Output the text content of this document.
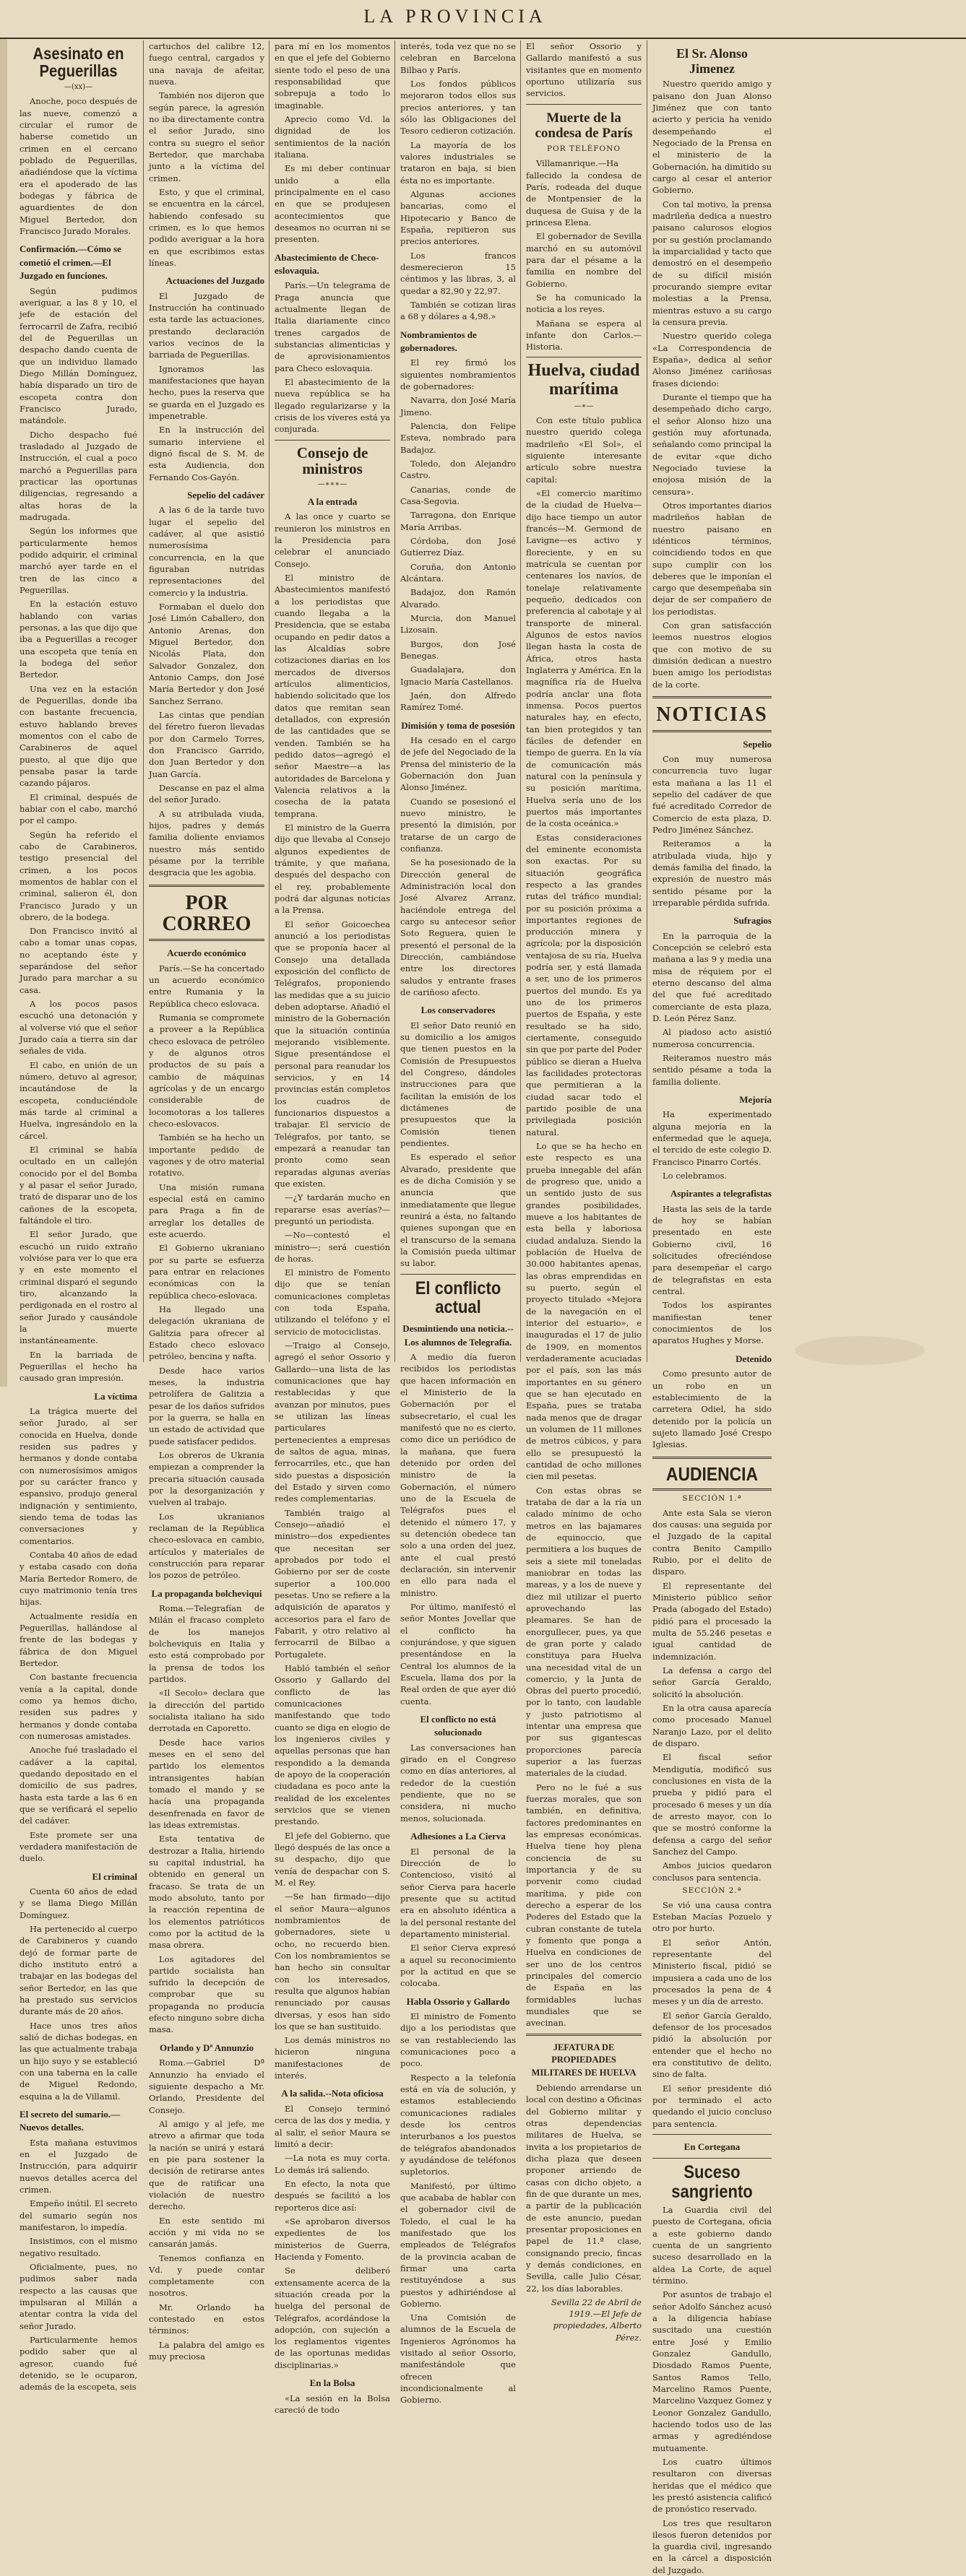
LA PROVINCIA
Asesinato en Peguerillas
—(xx)—

Anoche, poco después de las nueve, comenzó a circular el rumor de haberse cometido un crimen en el cercano poblado de Peguerillas, añadiéndose que la víctima era el apoderado de las bodegas y fábrica de aguardientes de don Miguel Bertedor, don Francisco Jurado Morales.

Confirmación.—Cómo se cometió el crimen.—El Juzgado en funciones.

Según pudimos averiguar, a las 8 y 10, el jefe de estación del ferrocarril de Zafra, recibió del de Peguerillas un despacho dando cuenta de que un individuo llamado Diego Millán Domínguez, había disparado un tiro de escopeta contra don Francisco Jurado, matándole.

Dicho despacho fué trasladado al Juzgado de Instrucción, el cual a poco marchó a Peguerillas para practicar las oportunas diligencias, regresando a altas horas de la madrugada.

Según los informes que particularmente hemos podido adquirir, el criminal marchó ayer tarde en el tren de las cinco a Peguerillas.

En la estación estuvo hablando con varias personas, a las que dijo que iba a Peguerillas a recoger una escopeta que tenía en la bodega del señor Bertedor.

Una vez en la estación de Peguerillas, donde iba con bastante frecuencia, estuvo hablando breves momentos con el cabo de Carabineros de aquel puesto, al que dijo que pensaba pasar la tarde cazando pájaros.

El criminal, después de habiar con el cabo, marchó por el campo.

Según ha referido el cabo de Carabineros, testigo presencial del crimen, a los pocos momentos de hablar con el criminal, salieron él, don Francisco Jurado y un obrero, de la bodega.

Don Francisco invitó al cabo a tomar unas copas, no aceptando éste y separándose del señor Jurado para marchar a su casa.

A los pocos pasos escuchó una detonación y al volverse vió que el señor Jurado caía a tierra sin dar señales de vida.

El cabo, en unión de un número, detuvo al agresor, incautándose de la escopeta, conduciéndole más tarde al criminal a Huelva, ingresándolo en la cárcel.

El criminal se había ocultado en un callejón conocido por el del Bomba y al pasar el señor Jurado, trató de disparar uno de los cañones de la escopeta, faltándole el tiro.

El señor Jurado, que escuchó un ruido extraño volvióse para ver lo que era y en este momento el criminal disparó el segundo tiro, alcanzando la perdigonada en el rostro al señor Jurado y causándole la muerte instantáneamente.

En la barriada de Peguerillas el hecho ha causado gran impresión.

La víctima

La trágica muerte del señor Jurado, al ser conocida en Huelva, donde residen sus padres y hermanos y donde contaba con numerosísimos amigos por su carácter franco y espansivo, produjo general indignación y sentimiento, siendo tema de todas las conversaciones y comentarios.

Contaba 40 años de edad y estaba casado con doña María Bertedor Romero, de cuyo matrimonio tenía tres hijas.

Actualmente residía en Peguerillas, hallándose al frente de las bodegas y fábrica de don Miguel Bertedor.

Con bastante frecuencia venía a la capital, donde como ya hemos dicho, residen sus padres y hermanos y donde contaba con numerosas amistades.

Anoche fué trasladado el cadáver a la capital, quedando depositado en el domicilio de sus padres, hasta esta tarde a las 6 en que se verificará el sepelio del cadáver.

Este promete ser una verdadera manifestación de duelo.

El criminal

Cuenta 60 años de edad y se llama Diego Millán Domínguez.

Ha pertenecido al cuerpo de Carabineros y cuando dejó de formar parte de dicho instituto entró a trabajar en las bodegas del señor Bertedor, en las que ha prestado sus servicios durante más de 20 años.

Hace unos tres años salió de dichas bodegas, en las que actualmente trabaja un hijo suyo y se estableció con una taberna en la calle de Miguel Redondo, esquina a la de Villamil.

El secreto del sumario.—Nuevos detalles.

Esta mañana estuvimos en el Juzgado de Instrucción, para adquirir nuevos detalles acerca del crimen.

Empeño inútil. El secreto del sumario según nos manifestaron, lo impedía.

Insistimos, con el mismo negativo resultado.

Oficialmente, pues, no pudimos saber nada respecto a las causas que impulsaran al Millán a atentar contra la vida del señor Jurado.

Particularmente hemos podido saber que al agresor, cuando fué detenido, se le ocuparon, además de la escopeta, seis

cartuchos del calibre 12, fuego central, cargados y una navaja de afeitar, nueva.

También nos dijeron que según parece, la agresión no iba directamente contra el señor Jurado, sino contra su suegro el señor Bertedor, que marchaba junto a la víctima del crimen.

Esto, y que el criminal, se encuentra en la cárcel, habiendo confesado su crimen, es lo que hemos podido averiguar a la hora en que escribimos estas líneas.

Actuaciones del Juzgado

El Juzgado de Instrucción ha continuado esta tarde las actuaciones, prestando declaración varios vecinos de la barriada de Peguerillas.

Ignoramos las manifestaciones que hayan hecho, pues la reserva que se guarda en el Juzgado es impenetrable.

En la instrucción del sumario interviene el dignó fiscal de S. M. de esta Audiencia, don Fernando Cos-Gayón.

Sepelio del cadáver

A las 6 de la tarde tuvo lugar el sepelio del cadáver, al que asistió numerosísima concurrencia, en la que figuraban nutridas representaciones del comercio y la industria.

Formaban el duelo don José Limón Caballero, don Antonio Arenas, don Miguel Bertedor, don Nicolás Plata, don Salvador Gonzalez, don Antonio Camps, don José María Bertedor y don José Sanchez Serrano.

Las cintas que pendían del féretro fueron llevadas por don Carmelo Torres, don Francisco Garrido, don Juan Bertedor y don Juan García.

Descanse en paz el alma del señor Jurado.

A su atribulada viuda, hijos, padres y demás familia doliente enviamos nuestro más sentido pésame por la terrible desgracia que les agobia.

POR CORREO
Acuerdo económico

París.—Se ha concertado un acuerdo económico entre Rumania y la República checo eslovaca.

Rumania se compromete a proveer a la República checo eslovaca de petróleo y de algunos otros productos de su país a cambio de máquinas agrícolas y de un encargo considerable de locomotoras a los talleres checo-eslovacos.

También se ha hecho un importante pedido de vagones y de otro material rotativo.

Una misión rumana especial está en camino para Praga a fin de arreglar los detalles de este acuerdo.

El Gobierno ukraniano por su parte se esfuerza para entrar en relaciones económicas con la república checo-eslovaca.

Ha llegado una delegación ukraniana de Galitzia para ofrecer al Estado checo eslovaco petróleo, bencina y nafta.

Desde hace varios meses, la industria petrolífera de Galitzia a pesar de los daños sufridos por la guerra, se halla en un estado de actividad que puede satisfacer pedidos.

Los obreros de Ukrania empiezan a comprender la precaria situación causada por la desorganización y vuelven al trabajo.

Los ukranianos reclaman de la República checo-eslovaca en cambio, artículos y materiales de construcción para reparar los pozos de petróleo.

La propaganda bolcheviqui

Roma.—Telegrafían de Milán el fracaso completo de los manejos bolcheviquis en Italia y esto está comprobado por la prensa de todos los partidos.

«Il Secolo» declara que la dirección del partido socialista italiano ha sido derrotada en Caporetto.

Desde hace varios meses en el seno del partido los elementos intransigentes habían tomado el mando y se hacía una propaganda desenfrenada en favor de las ideas extremistas.

Esta tentativa de destrozar a Italia, hiriendo su capital industrial, ha obtenido en general un fracaso. Se trata de un modo absoluto, tanto por la reacción repentina de los elementos patrióticos como por la actitud de la masa obrera.

Los agitadores del partido socialista han sufrido la decepción de comprobar que su propaganda no producía efecto ninguno sobre dicha masa.

Orlando y Dª Annunzio

Roma.—Gabriel Dª Annunzio ha enviado el siguiente despacho a Mr. Orlando, Presidente del Consejo.

Al amigo y al jefe, me atrevo a afirmar que toda la nación se unirá y estará en pie para sostener la decisión de retirarse antes que de ratificar una violación de nuestro derecho.

En este sentido mi acción y mi vida no se cansarán jamás.

Tenemos confianza en Vd. y puede contar completamente con nosotros.

Mr. Orlando ha contestado en estos términos:

La palabra del amigo es muy preciosa

para mí en los momentos en que el jefe del Gobierno siente todo el peso de una responsabilidad que sobrepuja a todo lo imaginable.

Aprecio como Vd. la dignidad de los sentimientos de la nación italiana.

Es mi deber continuar unido a ella principalmente en el caso en que se produjesen acontecimientos que deseamos no ocurran ni se presenten.

Abastecimiento de Checo-eslovaquia.

París.—Un telegrama de Praga anuncia que actualmente llegan de Italia diariamente cinco trenes cargados de substancias alimenticias y de aprovisionamientos para Checo eslovaquia.

El abastecimiento de la nueva república se ha llegado regularizarse y la crisis de los víveres está ya conjurada.

Consejo de ministros
—∗∗∗—
A la entrada

A las once y cuarto se reunieron los ministros en la Presidencia para celebrar el anunciado Consejo.

El ministro de Abastecimientos manifestó a los periodistas que cuando llegaba a la Presidencia, que se estaba ocupando en pedir datos a las Alcaldías sobre cotizaciones diarias en los mercados de diversos artículos alimenticios, habiendo solicitado que los datos que remitan sean detallados, con expresión de las cantidades que se venden. También se ha pedido datos—agregó el señor Maestre—a las autoridades de Barcelona y Valencia relativos a la cosecha de la patata temprana.

El ministro de la Guerra dijo que llevaba al Consejo algunos expedientes de trámite, y que mañana, después del despacho con el rey, probablemente podrá dar algunas noticias a la Prensa.

El señor Goicoechea anunció a los periodistas que se proponía hacer al Consejo una detallada exposición del conflicto de Telégrafos, proponiendo las medidas que a su juicio deben adoptarse. Añadió el ministro de la Gobernación que la situación continúa mejorando visiblemente. Sigue presentándose el personal para reanudar los servicios, y en 14 provincias están completos los cuadros de funcionarios dispuestos a trabajar. El servicio de Telégrafos, por tanto, se empezará a reanudar tan pronto como sean reparadas algunas averías que existen.

—¿Y tardarán mucho en repararse esas averías?—preguntó un periodista.

—No—contestó el ministro—; será cuestión de horas.

El ministro de Fomento dijo que se tenían comunicaciones completas con toda España, utilizando el teléfono y el servicio de motociclistas.

—Traigo al Consejo, agregó el señor Ossorio y Gallardo—una lista de las comunicaciones que hay restablecidas y que avanzan por minutos, pues se utilizan las líneas particulares pertenecientes a empresas de saltos de agua, minas, ferrocarriles, etc., que han sido puestas a disposición del Estado y sirven como redes complementarias.

También traigo al Consejo—añadió el ministro—dos expedientes que necesitan ser aprobados por todo el Gobierno por ser de coste superior a 100.000 pesetas. Uno se refiere a la adquisición de aparatos y accesorios para el faro de Fabarit, y otro relativo al ferrocarril de Bilbao a Portugalete.

Habló también el señor Ossorio y Gallardo del conflicto de las comunicaciones manifestando que todo cuanto se diga en elogio de los ingenieros civiles y aquellas personas que han respondido a la demanda de apoyo de la cooperación ciudadana es poco ante la realidad de los excelentes servicios que se vienen prestando.

El jefe del Gobierno, que llegó después de las once a su despacho, dijo que venía de despachar con S. M. el Rey.

—Se han firmado—dijo el señor Maura—algunos nombramientos de gobernadores, siete u ocho, no recuerdo bien. Con los nombramientos se han hecho sin consultar con los interesados, resulta que algunos habían renunciado por causas diversas, y esos han sido los que se han sustituido.

Los demás ministros no hicieron ninguna manifestaciones de interés.

A la salida.--Nota oficiosa

El Consejo terminó cerca de las dos y media, y al salir, el señor Maura se limitó a decir:

—La nota es muy corta. Lo demás irá saliendo.

En efecto, la nota que después se facilitó a los reporteros dice así:

«Se aprobaron diversos expedientes de los ministerios de Guerra, Hacienda y Fomento.

Se deliberó extensamente acerca de la situación creada por la huelga del personal de Telégrafos, acordándose la adopción, con sujeción a los reglamentos vigentes de las oportunas medidas disciplinarias.»

En la Bolsa

«La sesión en la Bolsa careció de todo

interés, toda vez que no se celebran en Barcelona Bilbao y París.

Los fondos públicos mejoraron todos ellos sus precios anteriores, y tan sólo las Obligaciones del Tesoro cedieron cotización.

La mayoría de los valores industriales se trataron en baja, si bien ésta no es importante.

Algunas acciones bancarias, como el Hipotecario y Banco de España, repitieron sus precios anteriores.

Los francos desmerecieron 15 céntimos y las libras, 3, al quedar a 82,90 y 22,97.

También se cotizan liras a 68 y dólares a 4,98.»

Nombramientos de gobernadores.

El rey firmó los siguientes nombramientos de gobernadores:

Navarra, don José María Jimeno.

Palencia, don Felipe Esteva, nombrado para Badajoz.

Toledo, don Alejandro Castro.

Canarias, conde de Casa-Segovia.

Tarragona, don Enrique María Arribas.

Córdoba, don José Gutierrez Díaz.

Coruña, don Antonio Alcántara.

Badajoz, don Ramón Alvarado.

Murcia, don Manuel Lizosain.

Burgos, don José Benegas.

Guadalajara, don Ignacio María Castellanos.

Jaén, don Alfredo Ramírez Tomé.

Dimisión y toma de posesión

Ha cesado en el cargo de jefe del Negociado de la Prensa del ministerio de la Gobernación don Juan Alonso Jiménez.

Cuando se posesionó el nuevo ministro, le presentó la dimisión, por tratarse de un cargo de confianza.

Se ha posesionado de la Dirección general de Administración local don José Alvarez Arranz, haciéndole entrega del cargo su antecesor señor Soto Reguera, quien le presentó el personal de la Dirección, cambiándose entre los directores saludos y entrante frases de cariñoso afecto.

Los conservadores

El señor Dato reunió en su domicilio a los amigos que tienen puestos en la Comisión de Presupuestos del Congreso, dándoles instrucciones para que facilitan la emisión de los dictámenes de presupuestos que la Comisión tienen pendientes.

Es esperado el señor Alvarado, presidente que es de dicha Comisión y se anuncia que inmediatamente que llegue reunirá a ésta, no faltando quienes supongan que en el transcurso de la semana la Comisión pueda ultimar su labor.

El conflicto actual
Desmintiendo una noticia.--Los alumnos de Telegrafía.

A medio día fueron recibidos los periodistas que hacen información en el Ministerio de la Gobernación por el subsecretario, el cual les manifestó que no es cierto, como dice un periódico de la mañana, que fuera detenido por orden del ministro de la Gobernación, el número uno de la Escuela de Telégrafos pues el detenido el número 17, y su detención obedece tan solo a una orden del juez, ante el cual prestó declaración, sin intervenir en ello para nada el ministro.

Por último, manifestó el señor Montes Jovellar que el conflicto ha conjurándose, y que siguen presentándose en la Central los alumnos de la Escuela, llama dos por la Real orden de que ayer dió cuenta.

El conflicto no está solucionado

Las conversaciones han girado en el Congreso como en días anteriores, al rededor de la cuestión pendiente, que no se considera, ni mucho menos, solucionada.

Adhesiones a La Cierva

El personal de la Dirección de lo Contencioso, visitó al señor Cierva para hacerle presente que su actitud era en absoluto idéntica a la del personal restante del departamento ministerial.

El señor Cierva expresó a aquel su reconocimiento por la actitud en que se colocaba.

Habla Ossorio y Gallardo

El ministro de Fomento dijo a los periodistas que se van restableciendo las comunicaciones poco a poco.

Respecto a la telefonía está en vía de solución, y estamos estableciendo comunicaciones radiales desde los centros interurbanos a los puestos de telégrafos abandonados y ayudándose de teléfonos supletorios.

Manifestó, por último que acababa de hablar con el gobernador civil de Toledo, el cual le ha manifestado que los empleados de Telégrafos de la provincia acaban de firmar una carta restituyéndose a sus puestos y adhiriéndose al Gobierno.

Una Comisión de alumnos de la Escuela de Ingenieros Agrónomos ha visitado al señor Ossorio, manifestándole que ofrecen incondicionalmente al Gobierno.

El señor Ossorio y Gallardo manifestó a sus visitantes que en momento oportuno utilizaría sus servicios.

Muerte de la condesa de París
POR TELÉFONO

Villamanrique.—Ha fallecido la condesa de París, rodeada del duque de Montpensier de la duquesa de Guisa y de la princesa Elena.

El gobernador de Sevilla marchó en su automóvil para dar el pésame a la familia en nombre del Gobierno.

Se ha comunicado la noticia a los reyes.

Mañana se espera al infante don Carlos.—Historia.

Huelva, ciudad marítima
—∗—

Con este título publica nuestro querido colega madrileño «El Sol», el siguiente interesante artículo sobre nuestra capital:

«El comercio marítimo de la ciudad de Huelva—dijo hace tiempo un autor francés—M. Germond de Lavigne—es activo y floreciente, y en su matrícula se cuentan por centenares los navíos, de tonelaje relativamente pequeño, dedicados con preferencia al cabotaje y al transporte de mineral. Algunos de estos navíos llegan hasta la costa de África, otros hasta Inglaterra y América. En la magnífica ría de Huelva podría anclar una flota inmensa. Pocos puertos naturales hay, en efecto, tan bien protegidos y tan fáciles de defender en tiempo de guerra. En la vía de comunicación más natural con la península y su posición marítima, Huelva sería uno de los puertos más importantes de la costa oceánica.»

Estas consideraciones del eminente economista son exactas. Por su situación geográfica respecto a las grandes rutas del tráfico mundial; por su posición próxima a importantes regiones de producción minera y agrícola; por la disposición ventajosa de su ría, Huelva podría ser, y está llamada a ser, uno de los primeros puertos del mundo. Es ya uno de los primeros puertos de España, y este resultado se ha sido, ciertamente, conseguido sin que por parte del Poder público se dieran a Huelva las facilidades protectoras que permitieran a la ciudad sacar todo el partido posible de una privilegiada posición natural.

Lo que se ha hecho en este respecto es una prueba innegable del afán de progreso que, unido a un sentido justo de sus grandes posibilidades, mueve a los habitantes de esta bella y laboriosa ciudad andaluza. Siendo la población de Huelva de 30.000 habitantes apenas, las obras emprendidas en su puerto, según el proyecto titulado «Mejora de la navegación en el interior del estuario», e inauguradas el 17 de julio de 1909, en momentos verdaderamente acuciadas por el país, son las más importantes en su género que se han ejecutado en España, pues se trataba nada menos que de dragar un volumen de 11 millones de metros cúbicos, y para ello se presupuestó la cantidad de ocho millones cien mil pesetas.

Con estas obras se trataba de dar a la ría un calado mínimo de ocho metros en las bajamares de equinoccio, que permitiera a los buques de seis a siete mil toneladas maniobrar en todas las mareas, y a los de nueve y diez mil utilizar el puerto aprovechando las pleamares. Se han de enorgullecer, pues, ya que de gran porte y calado constituya para Huelva una necesidad vital de un comercio, y la Junta de Obras del puerto procedió, por lo tanto, con laudable y justo patriotismo al intentar una empresa que por sus gigantescas proporciones parecía superior a las fuerzas materiales de la ciudad.

Pero no le fué a sus fuerzas morales, que son también, en definitiva, factores predominantes en las empresas económicas. Huelva tiene hoy plena conciencia de su importancia y de su porvenir como ciudad marítima, y pide con derecho a esperar de los Poderes del Estado que la cubran constante de tutela y fomento que ponga a Huelva en condiciones de ser uno de los centros principales del comercio de España en las formidables luchas mundiales que se avecinan.

JEFATURA DE PROPIEDADES MILITARES DE HUELVA

Debiendo arrendarse un local con destino a Oficinas del Gobierno militar y otras dependencias militares de Huelva, se invita a los propietarios de dicha plaza que deseen proponer arriendo de casas con dicho objeto, a fin de que durante un mes, a partir de la publicación de este anuncio, puedan presentar proposiciones en papel de 11.ª clase, consignando precio, fincas y demás condiciones, en Sevilla, calle Julio César, 22, los días laborables.

Sevilla 22 de Abril de 1919.—El Jefe de propiedades, Alberto Pérez.

El Sr. Alonso Jimenez

Nuestro querido amigo y paisano don Juan Alonso Jiménez que con tanto acierto y pericia ha venido desempeñando el Negociado de la Prensa en el ministerio de la Gobernación, ha dimitido su cargo al cesar el anterior Gobierno.

Con tal motivo, la prensa madrileña dedica a nuestro paisano calurosos elogios por su gestión proclamando la imparcialidad y tacto que demostró en el desempeño de su difícil misión procurando siempre evitar molestias a la Prensa, mientras estuvo a su cargo la censura previa.

Nuestro querido colega «La Correspondencia de España», dedica al señor Alonso Jiménez cariñosas frases diciendo:

Durante el tiempo que ha desempeñado dicho cargo, el señor Alonso hizo una gestión muy afortunada, señalando como principal la de evitar «que dicho Negociado tuviese la enojosa misión de la censura».

Otros importantes diarios madrileños hablan de nuestro paisano en idénticos términos, coincidiendo todos en que supo cumplir con los deberes que le imponían el cargo que desempeñaba sin dejar de ser compañero de los periodistas.

Con gran satisfacción leemos nuestros elogios que con motivo de su dimisión dedican a nuestro buen amigo los periodistas de la corte.

NOTICIAS
Sepelio

Con muy numerosa concurrencia tuvo lugar esta mañana a las 11 el sepelio del cadáver de que fué acreditado Corredor de Comercio de esta plaza, D. Pedro Jiménez Sánchez.

Reiteramos a la atribulada viuda, hijo y demás familia del finado, la expresión de nuestro más sentido pésame por la irreparable pérdida sufrida.

Sufragios

En la parroquia de la Concepción se celebró esta mañana a las 9 y media una misa de réquiem por el eterno descanso del alma del que fué acreditado comerciante de esta plaza, D. León Pérez Sanz.

Al piadoso acto asistió numerosa concurrencia.

Reiteramos nuestro más sentido pésame a toda la familia doliente.

Mejoría

Ha experimentado alguna mejoría en la enfermedad que le aqueja, el tercido de este colegio D. Francisco Pinarro Cortés.

Lo celebramos.

Aspirantes a telegrafistas

Hasta las seis de la tarde de hoy se habían presentado en este Gobierno civil, 16 solicitudes ofreciéndose para desempeñar el cargo de telegrafistas en esta central.

Todos los aspirantes manifiestan tener conocimientos de los aparatos Hughes y Morse.

Detenido

Como presunto autor de un robo en un establecimiento de la carretera Odiel, ha sido detenido por la policía un sujeto llamado José Crespo Iglesias.

AUDIENCIA
SECCIÓN 1.ª

Ante esta Sala se vieron dos causas: una seguida por el Juzgado de la capital contra Benito Campillo Rubio, por el delito de disparo.

El representante del Ministerio público señor Prada (abogado del Estado) pidió para el procesado la multa de 55.246 pesetas e igual cantidad de indemnización.

La defensa a cargo del señor García Geraldo, solicitó la absolución.

En la otra causa aparecía como procesado Manuel Naranjo Lazo, por el delito de disparo.

El fiscal señor Mendigutía, modificó sus conclusiones en vista de la prueba y pidió para el procesado 6 meses y un día de arresto mayor, con lo que se mostró conforme la defensa a cargo del señor Sanchez del Campo.

Ambos juicios quedaron conclusos para sentencia.

SECCIÓN 2.ª

Se vió una causa contra Esteban Macías Pozuelo y otro por hurto.

El señor Antón, representante del Ministerio fiscal, pidió se impusiera a cada uno de los procesados la pena de 4 meses y un día de arresto.

El señor García Geraldo, defensor de los procesados pidió la absolución por entender que el hecho no era constitutivo de delito, sino de falta.

El señor presidente dió por terminado el acto quedando el juicio concluso para sentencia.

En Cortegana
Suceso sangriento

La Guardia civil del puesto de Cortegana, oficia a este gobierno dando cuenta de un sangriento suceso desarrollado en la aldea La Corte, de aquel término.

Por asuntos de trabajo el señor Adolfo Sánchez acusó a la diligencia habíase suscitado una cuestión entre José y Emilio Gonzalez Gandullo, Diosdado Ramos Puente, Santos Ramos Tello, Marcelino Ramos Puente, Marcelino Vazquez Gomez y Leonor Gonzalez Gandullo, haciendo todos uso de las armas y agrediéndose mutuamente.

Los cuatro últimos resultaron con diversas heridas que el médico que les prestó asistencia calificó de pronóstico reservado.

Los tres que resultaron ilesos fueron detenidos por la guardia civil, ingresando en la cárcel a disposición del Juzgado.
